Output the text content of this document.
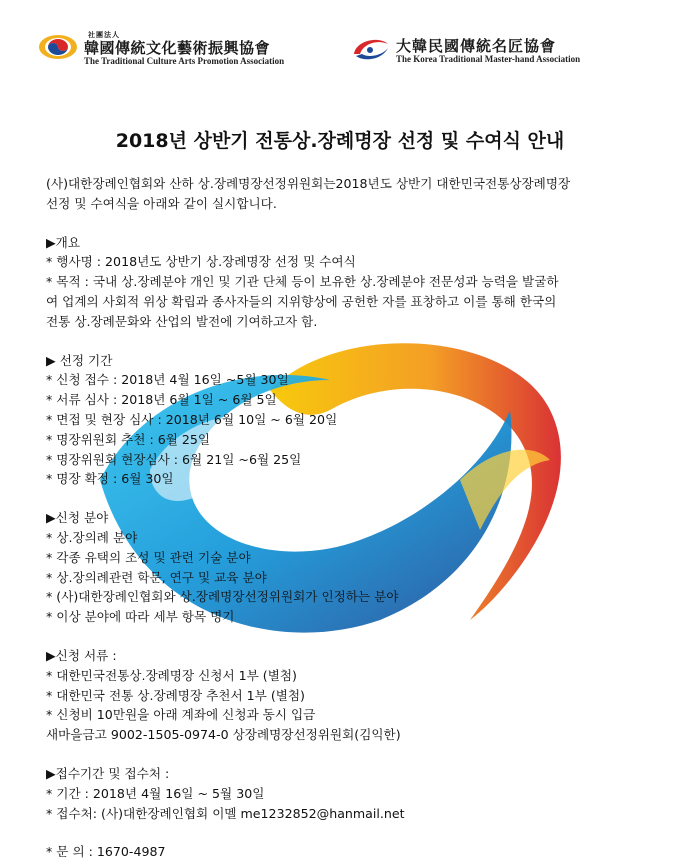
社團法人
韓國傳統文化藝術振興協會
The Traditional Culture Arts Promotion Association
大韓民國傳統名匠協會
The Korea Traditional Master-hand Association
2018년 상반기 전통상.장례명장 선정 및 수여식 안내
(사)대한장례인협회와 산하 상.장례명장선정위원회는2018년도 상반기 대한민국전통상장례명장
선정 및 수여식을 아래와 같이 실시합니다.
▶개요
* 행사명 : 2018년도 상반기 상.장례명장 선정 및 수여식
* 목적 : 국내 상.장례분야 개인 및 기관 단체 등이 보유한 상.장례분야 전문성과 능력을 발굴하
여 업계의 사회적 위상 확립과 종사자들의 지위향상에 공헌한 자를 표창하고 이를 통해 한국의
전통 상.장례문화와 산업의 발전에 기여하고자 함.
▶ 선정 기간
* 신청 접수 : 2018년 4월 16일 ~5월 30일
* 서류 심사 : 2018년 6월 1일 ~ 6월 5일
* 면접 및 현장 심사 : 2018년 6월 10일 ~ 6월 20일
* 명장위원회 추천 : 6월 25일
* 명장위원회 현장심사 : 6월 21일 ~6월 25일
* 명장 확정 : 6월 30일
▶신청 분야
* 상.장의례 분야
* 각종 유택의 조성 및 관련 기술 분야
* 상.장의례관련 학문, 연구 및 교육 분야
* (사)대한장례인협회와 상.장례명장선정위원회가 인정하는 분야
* 이상 분야에 따라 세부 항목 명기
▶신청 서류 :
* 대한민국전통상.장례명장 신청서 1부 (별첨)
* 대한민국 전통 상.장례명장 추천서 1부 (별첨)
* 신청비 10만원을 아래 계좌에 신청과 동시 입금
새마을금고 9002-1505-0974-0 상장례명장선정위원회(김익한)
▶접수기간 및 접수처 :
* 기간 : 2018년 4월 16일 ~ 5월 30일
* 접수처: (사)대한장례인협회 이멜 me1232852@hanmail.net
* 문 의 : 1670-4987
